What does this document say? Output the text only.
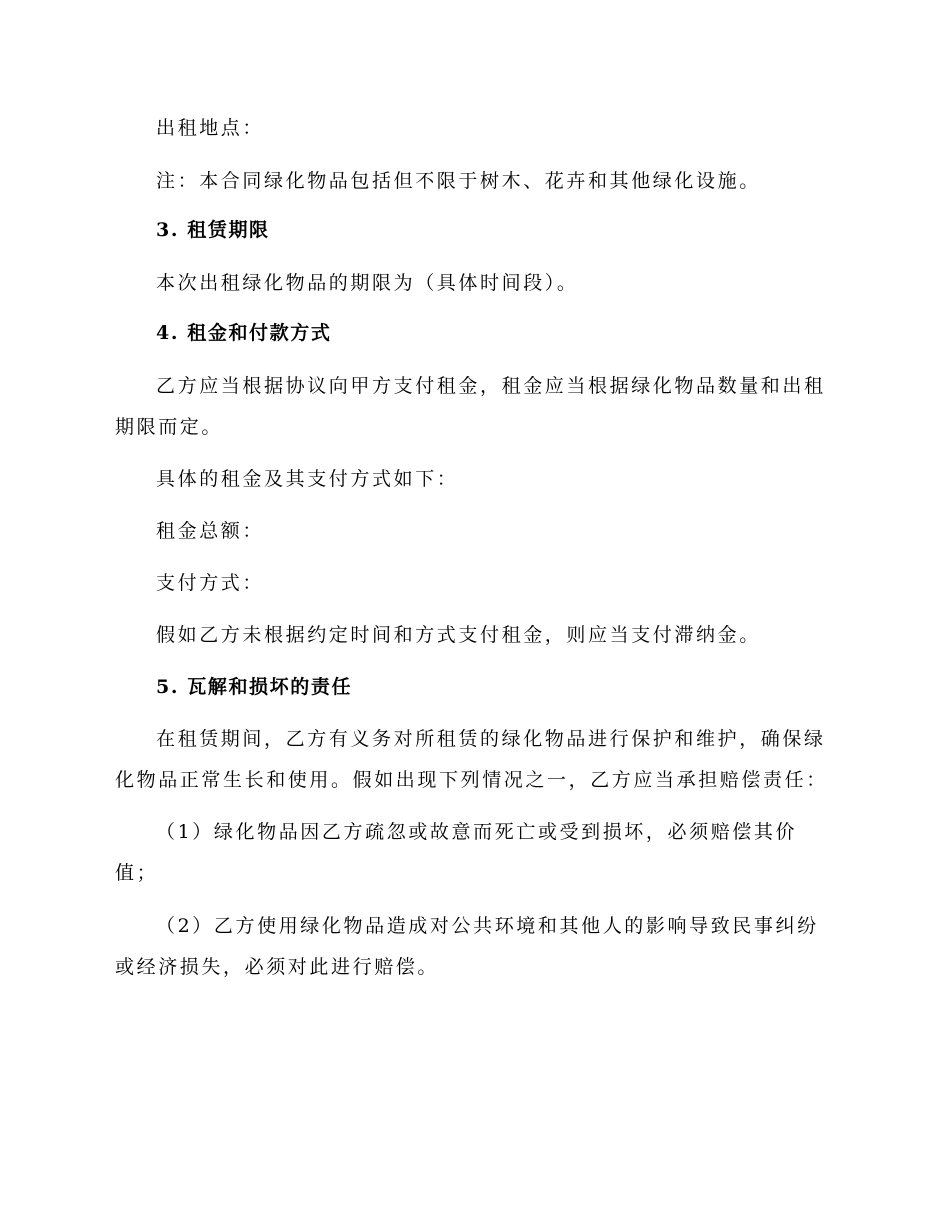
出租地点：
注：本合同绿化物品包括但不限于树木、花卉和其他绿化设施。
3. 租赁期限
本次出租绿化物品的期限为（具体时间段）。
4. 租金和付款方式
乙方应当根据协议向甲方支付租金，租金应当根据绿化物品数量和出租
期限而定。
具体的租金及其支付方式如下：
租金总额：
支付方式：
假如乙方未根据约定时间和方式支付租金，则应当支付滞纳金。
5. 瓦解和损坏的责任
在租赁期间，乙方有义务对所租赁的绿化物品进行保护和维护，确保绿
化物品正常生长和使用。假如出现下列情况之一，乙方应当承担赔偿责任：
（1）绿化物品因乙方疏忽或故意而死亡或受到损坏，必须赔偿其价
值；
（2）乙方使用绿化物品造成对公共环境和其他人的影响导致民事纠纷
或经济损失，必须对此进行赔偿。
